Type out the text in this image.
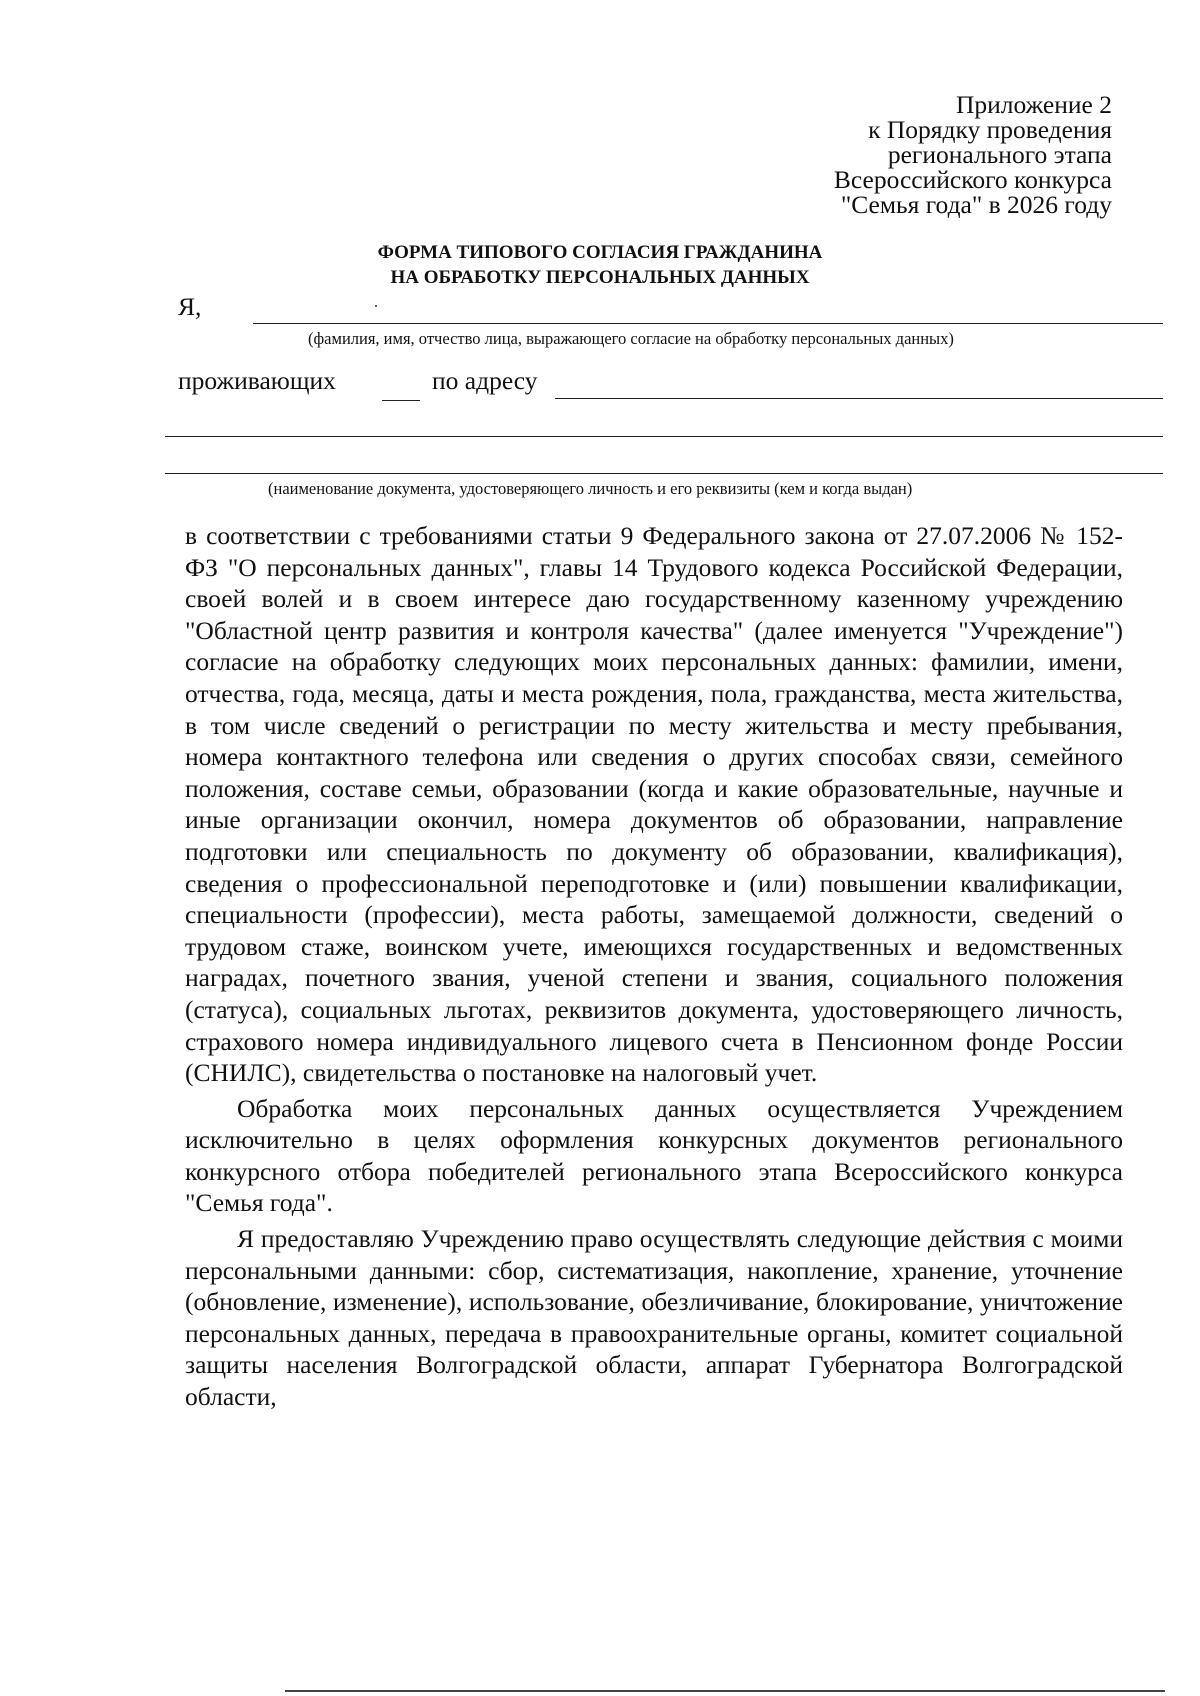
Приложение 2
к Порядку проведения
регионального этапа
Всероссийского конкурса
"Семья года" в 2026 году
ФОРМА ТИПОВОГО СОГЛАСИЯ ГРАЖДАНИНА
НА ОБРАБОТКУ ПЕРСОНАЛЬНЫХ ДАННЫХ
Я,
(фамилия, имя, отчество лица, выражающего согласие на обработку персональных данных)
проживающих	по адресу
(наименование документа, удостоверяющего личность и его реквизиты (кем и когда выдан)

в соответствии с требованиями статьи 9 Федерального закона от 27.07.2006 № 152-ФЗ "О персональных данных", главы 14 Трудового кодекса Российской Федерации, своей волей и в своем интересе даю государственному казенному учреждению "Областной центр развития и контроля качества" (далее именуется "Учреждение") согласие на обработку следующих моих персональных данных: фамилии, имени, отчества, года, месяца, даты и места рождения, пола, гражданства, места жительства, в том числе сведений о регистрации по месту жительства и месту пребывания, номера контактного телефона или сведения о других способах связи, семейного положения, составе семьи, образовании (когда и какие образовательные, научные и иные организации окончил, номера документов об образовании, направление подготовки или специальность по документу об образовании, квалификация), сведения о профессиональной переподготовке и (или) повышении квалификации, специальности (профессии), места работы, замещаемой должности, сведений о трудовом стаже, воинском учете, имеющихся государственных и ведомственных наградах, почетного звания, ученой степени и звания, социального положения (статуса), социальных льготах, реквизитов документа, удостоверяющего личность, страхового номера индивидуального лицевого счета в Пенсионном фонде России (СНИЛС), свидетельства о постановке на налоговый учет.

Обработка моих персональных данных осуществляется Учреждением исключительно в целях оформления конкурсных документов регионального конкурсного отбора победителей регионального этапа Всероссийского конкурса "Семья года".

Я предоставляю Учреждению право осуществлять следующие действия с моими персональными данными: сбор, систематизация, накопление, хранение, уточнение (обновление, изменение), использование, обезличивание, блокирование, уничтожение персональных данных, передача в правоохранительные органы, комитет социальной защиты населения Волгоградской области, аппарат Губернатора Волгоградской области,
